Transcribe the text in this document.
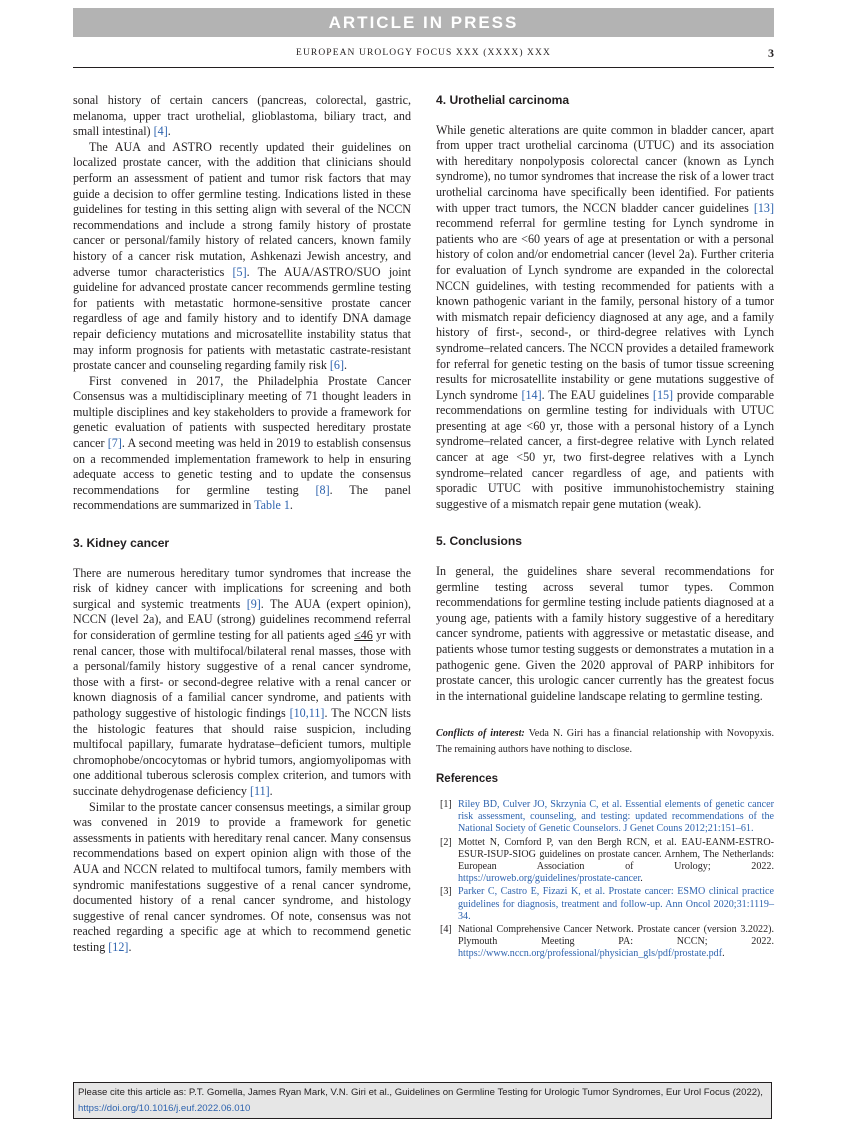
ARTICLE IN PRESS
EUROPEAN UROLOGY FOCUS XXX (XXXX) XXX	3

sonal history of certain cancers (pancreas, colorectal, gastric, melanoma, upper tract urothelial, glioblastoma, biliary tract, and small intestinal) [4].

The AUA and ASTRO recently updated their guidelines on localized prostate cancer, with the addition that clinicians should perform an assessment of patient and tumor risk factors that may guide a decision to offer germline testing. Indications listed in these guidelines for testing in this setting align with several of the NCCN recommendations and include a strong family history of prostate cancer or personal/family history of related cancers, known family history of a cancer risk mutation, Ashkenazi Jewish ancestry, and adverse tumor characteristics [5]. The AUA/ASTRO/SUO joint guideline for advanced prostate cancer recommends germline testing for patients with metastatic hormone-sensitive prostate cancer regardless of age and family history and to identify DNA damage repair deficiency mutations and microsatellite instability status that may inform prognosis for patients with metastatic castrate-resistant prostate cancer and counseling regarding family risk [6].

First convened in 2017, the Philadelphia Prostate Cancer Consensus was a multidisciplinary meeting of 71 thought leaders in multiple disciplines and key stakeholders to provide a framework for genetic evaluation of patients with suspected hereditary prostate cancer [7]. A second meeting was held in 2019 to establish consensus on a recommended implementation framework to help in ensuring adequate access to genetic testing and to update the consensus recommendations for germline testing [8]. The panel recommendations are summarized in Table 1.

3. Kidney cancer

There are numerous hereditary tumor syndromes that increase the risk of kidney cancer with implications for screening and both surgical and systemic treatments [9]. The AUA (expert opinion), NCCN (level 2a), and EAU (strong) guidelines recommend referral for consideration of germline testing for all patients aged ≤46 yr with renal cancer, those with multifocal/bilateral renal masses, those with a personal/family history suggestive of a renal cancer syndrome, those with a first- or second-degree relative with a renal cancer or known diagnosis of a familial cancer syndrome, and patients with pathology suggestive of histologic findings [10,11]. The NCCN lists the histologic features that should raise suspicion, including multifocal papillary, fumarate hydratase–deficient tumors, multiple chromophobe/oncocytomas or hybrid tumors, angiomyolipomas with one additional tuberous sclerosis complex criterion, and tumors with succinate dehydrogenase deficiency [11].

Similar to the prostate cancer consensus meetings, a similar group was convened in 2019 to provide a framework for genetic assessments in patients with hereditary renal cancer. Many consensus recommendations based on expert opinion align with those of the AUA and NCCN related to multifocal tumors, family members with syndromic manifestations suggestive of a renal cancer syndrome, documented history of a renal cancer syndrome, and histology suggestive of renal cancer syndromes. Of note, consensus was not reached regarding a specific age at which to recommend genetic testing [12].

4. Urothelial carcinoma

While genetic alterations are quite common in bladder cancer, apart from upper tract urothelial carcinoma (UTUC) and its association with hereditary nonpolyposis colorectal cancer (known as Lynch syndrome), no tumor syndromes that increase the risk of a lower tract urothelial carcinoma have specifically been identified. For patients with upper tract tumors, the NCCN bladder cancer guidelines [13] recommend referral for germline testing for Lynch syndrome in patients who are <60 years of age at presentation or with a personal history of colon and/or endometrial cancer (level 2a). Further criteria for evaluation of Lynch syndrome are expanded in the colorectal NCCN guidelines, with testing recommended for patients with a known pathogenic variant in the family, personal history of a tumor with mismatch repair deficiency diagnosed at any age, and a family history of first-, second-, or third-degree relatives with Lynch syndrome–related cancers. The NCCN provides a detailed framework for referral for genetic testing on the basis of tumor tissue screening results for microsatellite instability or gene mutations suggestive of Lynch syndrome [14]. The EAU guidelines [15] provide comparable recommendations on germline testing for individuals with UTUC presenting at age <60 yr, those with a personal history of a Lynch syndrome–related cancer, a first-degree relative with Lynch related cancer at age <50 yr, two first-degree relatives with a Lynch syndrome–related cancer regardless of age, and patients with sporadic UTUC with positive immunohistochemistry staining suggestive of a mismatch repair gene mutation (weak).

5. Conclusions

In general, the guidelines share several recommendations for germline testing across several tumor types. Common recommendations for germline testing include patients diagnosed at a young age, patients with a family history suggestive of a hereditary cancer syndrome, patients with aggressive or metastatic disease, and patients whose tumor testing suggests or demonstrates a mutation in a pathogenic gene. Given the 2020 approval of PARP inhibitors for prostate cancer, this urologic cancer currently has the greatest focus in the international guideline landscape relating to germline testing.

Conflicts of interest: Veda N. Giri has a financial relationship with Novopyxis. The remaining authors have nothing to disclose.

References
[1] Riley BD, Culver JO, Skrzynia C, et al. Essential elements of genetic cancer risk assessment, counseling, and testing: updated recommendations of the National Society of Genetic Counselors. J Genet Couns 2012;21:151–61.
[2] Mottet N, Cornford P, van den Bergh RCN, et al. EAU-EANM-ESTRO-ESUR-ISUP-SIOG guidelines on prostate cancer. Arnhem, The Netherlands: European Association of Urology; 2022. https://uroweb.org/guidelines/prostate-cancer.
[3] Parker C, Castro E, Fizazi K, et al. Prostate cancer: ESMO clinical practice guidelines for diagnosis, treatment and follow-up. Ann Oncol 2020;31:1119–34.
[4] National Comprehensive Cancer Network. Prostate cancer (version 3.2022). Plymouth Meeting PA: NCCN; 2022. https://www.nccn.org/professional/physician_gls/pdf/prostate.pdf.
Please cite this article as: P.T. Gomella, James Ryan Mark, V.N. Giri et al., Guidelines on Germline Testing for Urologic Tumor Syndromes, Eur Urol Focus (2022), https://doi.org/10.1016/j.euf.2022.06.010
